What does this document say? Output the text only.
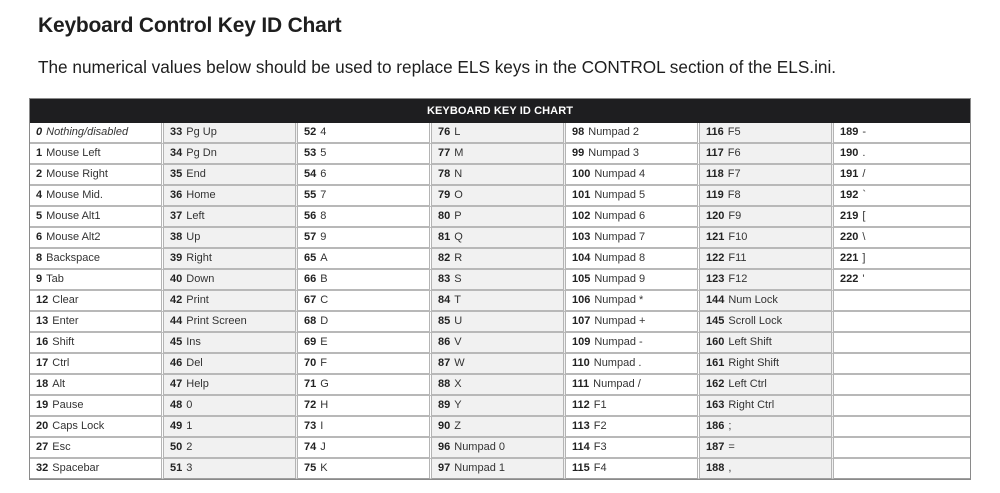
Keyboard Control Key ID Chart
The numerical values below should be used to replace ELS keys in the CONTROL section of the ELS.ini.
KEYBOARD KEY ID CHART						
0 Nothing/disabled	33 Pg Up	52 4	76 L	98 Numpad 2	116 F5	189 -
1 Mouse Left	34 Pg Dn	53 5	77 M	99 Numpad 3	117 F6	190 .
2 Mouse Right	35 End	54 6	78 N	100 Numpad 4	118 F7	191 /
4 Mouse Mid.	36 Home	55 7	79 O	101 Numpad 5	119 F8	192 `
5 Mouse Alt1	37 Left	56 8	80 P	102 Numpad 6	120 F9	219 [
6 Mouse Alt2	38 Up	57 9	81 Q	103 Numpad 7	121 F10	220 \
8 Backspace	39 Right	65 A	82 R	104 Numpad 8	122 F11	221 ]
9 Tab	40 Down	66 B	83 S	105 Numpad 9	123 F12	222 '
12 Clear	42 Print	67 C	84 T	106 Numpad *	144 Num Lock	
13 Enter	44 Print Screen	68 D	85 U	107 Numpad +	145 Scroll Lock	
16 Shift	45 Ins	69 E	86 V	109 Numpad -	160 Left Shift	
17 Ctrl	46 Del	70 F	87 W	110 Numpad .	161 Right Shift	
18 Alt	47 Help	71 G	88 X	111 Numpad /	162 Left Ctrl	
19 Pause	48 0	72 H	89 Y	112 F1	163 Right Ctrl	
20 Caps Lock	49 1	73 I	90 Z	113 F2	186 ;	
27 Esc	50 2	74 J	96 Numpad 0	114 F3	187 =	
32 Spacebar	51 3	75 K	97 Numpad 1	115 F4	188 ,	
